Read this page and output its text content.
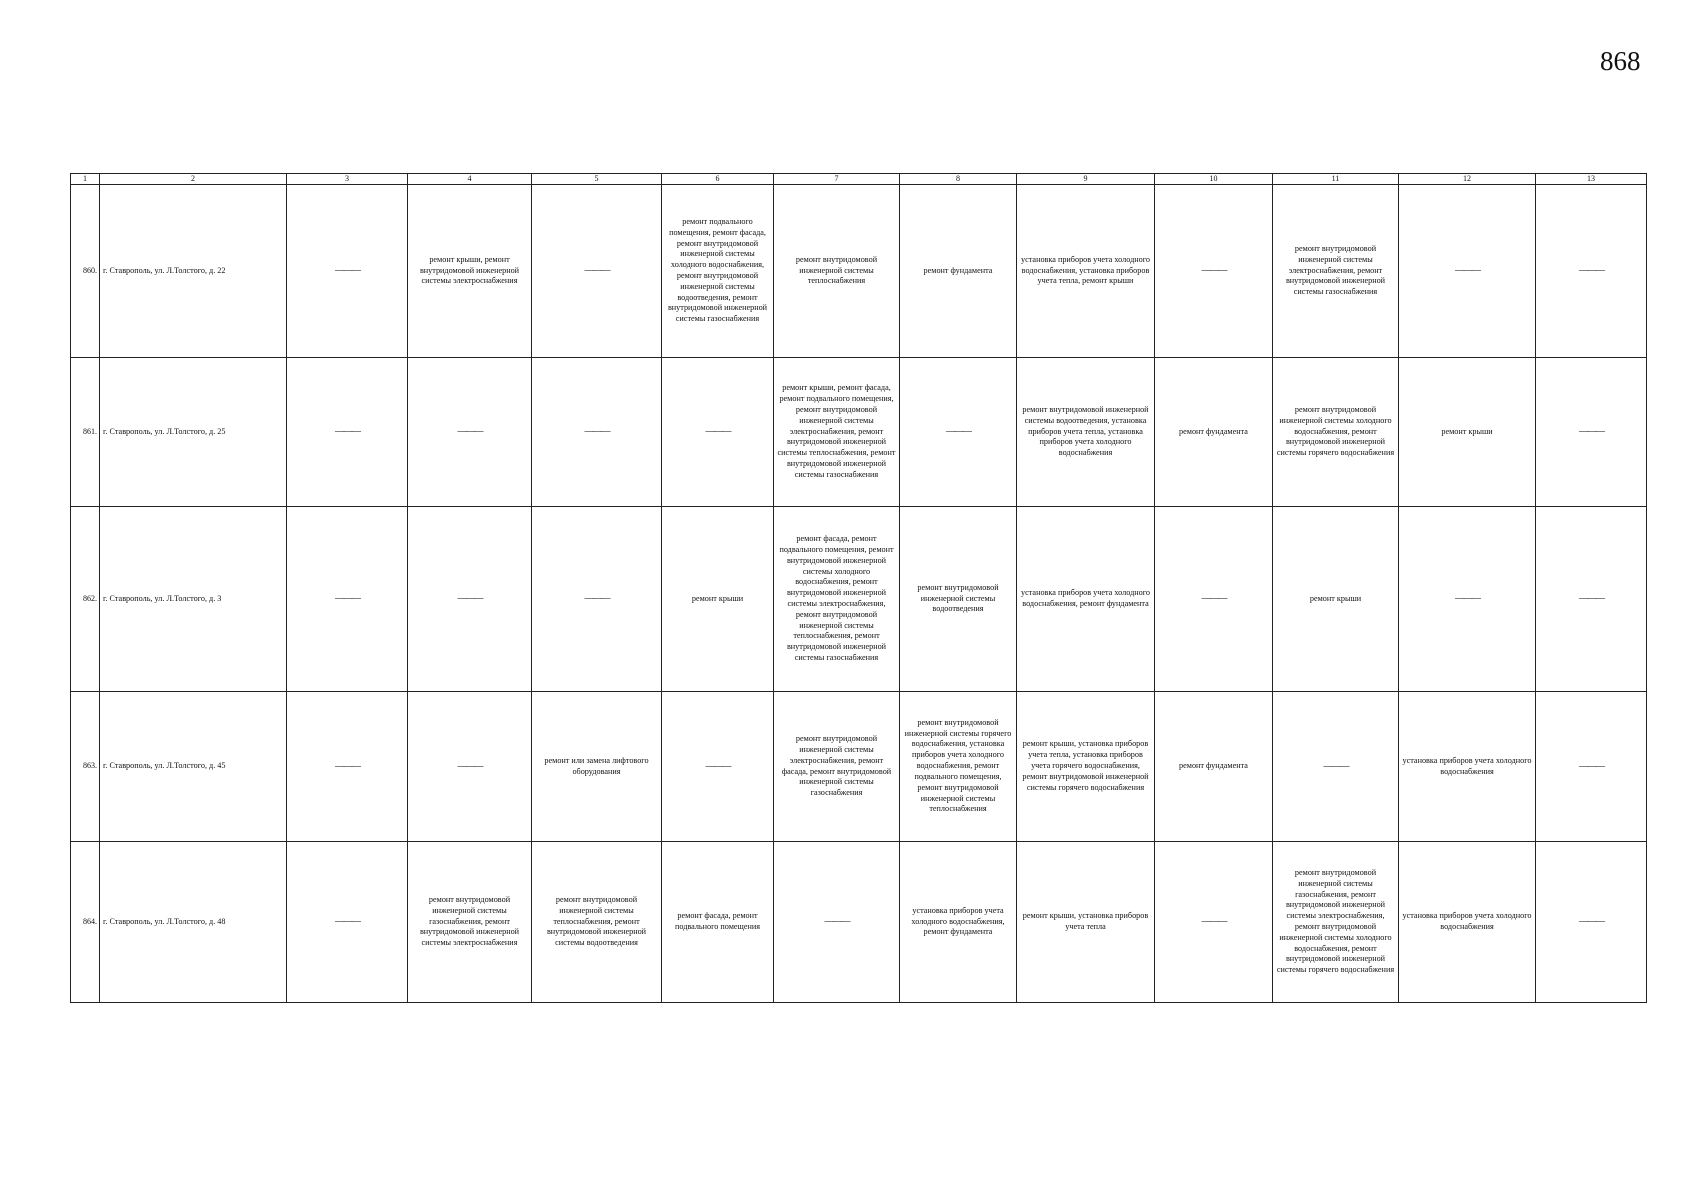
868
1	2	3	4	5	6	7	8	9	10	11	12	13
860.	г. Ставрополь, ул. Л.Толстого, д. 22	———	ремонт крыши, ремонт внутридомовой инженерной системы электроснабжения	———	ремонт подвального помещения, ремонт фасада, ремонт внутридомовой инженерной системы холодного водоснабжения, ремонт внутридомовой инженерной системы водоотведения, ремонт внутридомовой инженерной системы газоснабжения	ремонт внутридомовой инженерной системы теплоснабжения	ремонт фундамента	установка приборов учета холодного водоснабжения, установка приборов учета тепла, ремонт крыши	———	ремонт внутридомовой инженерной системы электроснабжения, ремонт внутридомовой инженерной системы газоснабжения	———	———
861.	г. Ставрополь, ул. Л.Толстого, д. 25	———	———	———	———	ремонт крыши, ремонт фасада, ремонт подвального помещения, ремонт внутридомовой инженерной системы электроснабжения, ремонт внутридомовой инженерной системы теплоснабжения, ремонт внутридомовой инженерной системы газоснабжения	———	ремонт внутридомовой инженерной системы водоотведения, установка приборов учета тепла, установка приборов учета холодного водоснабжения	ремонт фундамента	ремонт внутридомовой инженерной системы холодного водоснабжения, ремонт внутридомовой инженерной системы горячего водоснабжения	ремонт крыши	———
862.	г. Ставрополь, ул. Л.Толстого, д. 3	———	———	———	ремонт крыши	ремонт фасада, ремонт подвального помещения, ремонт внутридомовой инженерной системы холодного водоснабжения, ремонт внутридомовой инженерной системы электроснабжения, ремонт внутридомовой инженерной системы теплоснабжения, ремонт внутридомовой инженерной системы газоснабжения	ремонт внутридомовой инженерной системы водоотведения	установка приборов учета холодного водоснабжения, ремонт фундамента	———	ремонт крыши	———	———
863.	г. Ставрополь, ул. Л.Толстого, д. 45	———	———	ремонт или замена лифтового оборудования	———	ремонт внутридомовой инженерной системы электроснабжения, ремонт фасада, ремонт внутридомовой инженерной системы газоснабжения	ремонт внутридомовой инженерной системы горячего водоснабжения, установка приборов учета холодного водоснабжения, ремонт подвального помещения, ремонт внутридомовой инженерной системы теплоснабжения	ремонт крыши, установка приборов учета тепла, установка приборов учета горячего водоснабжения, ремонт внутридомовой инженерной системы горячего водоснабжения	ремонт фундамента	———	установка приборов учета холодного водоснабжения	———
864.	г. Ставрополь, ул. Л.Толстого, д. 48	———	ремонт внутридомовой инженерной системы газоснабжения, ремонт внутридомовой инженерной системы электроснабжения	ремонт внутридомовой инженерной системы теплоснабжения, ремонт внутридомовой инженерной системы водоотведения	ремонт фасада, ремонт подвального помещения	———	установка приборов учета холодного водоснабжения, ремонт фундамента	ремонт крыши, установка приборов учета тепла	———	ремонт внутридомовой инженерной системы газоснабжения, ремонт внутридомовой инженерной системы электроснабжения, ремонт внутридомовой инженерной системы холодного водоснабжения, ремонт внутридомовой инженерной системы горячего водоснабжения	установка приборов учета холодного водоснабжения	———
